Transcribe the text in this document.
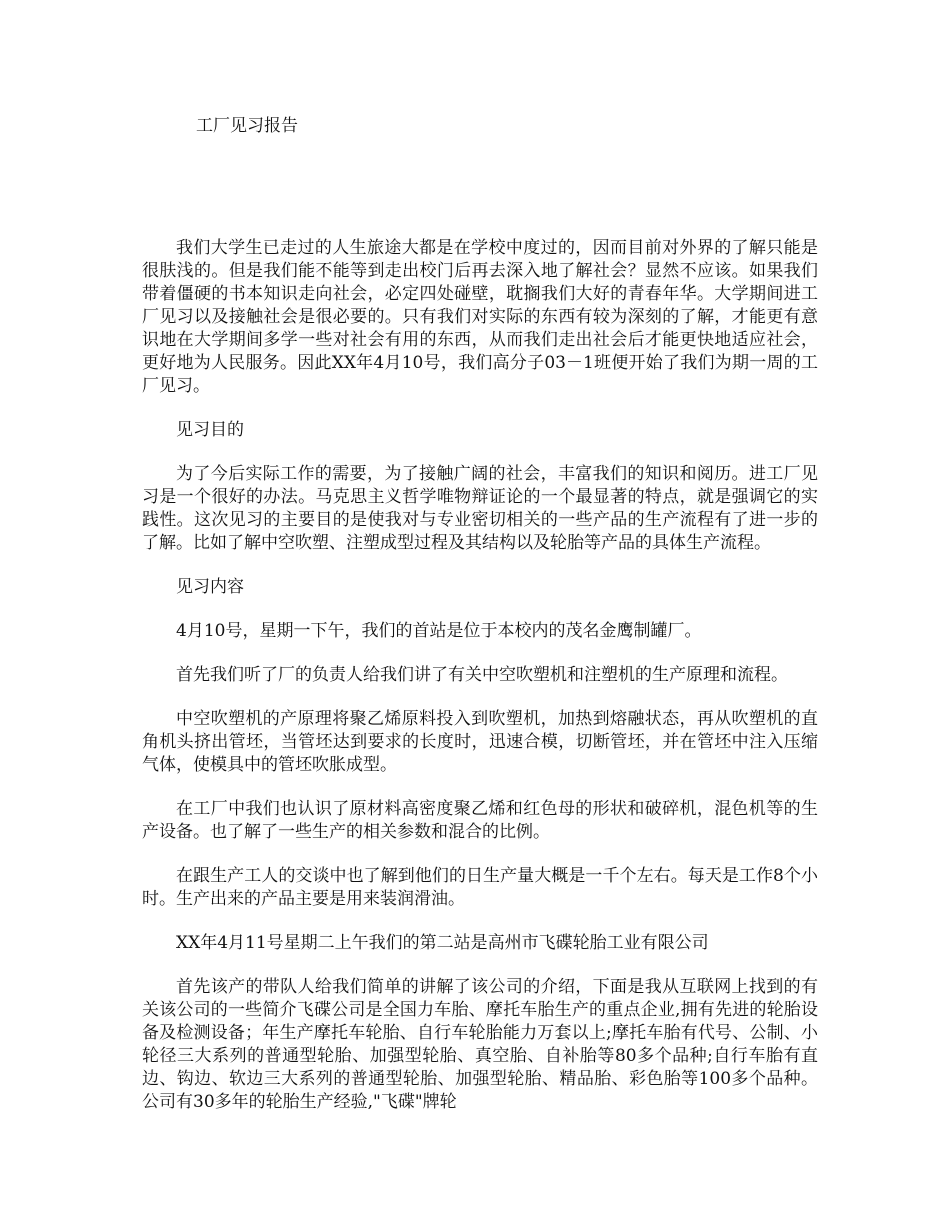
工厂见习报告

我们大学生已走过的人生旅途大都是在学校中度过的，因而目前对外界的了解只能是很肤浅的。但是我们能不能等到走出校门后再去深入地了解社会？显然不应该。如果我们带着僵硬的书本知识走向社会，必定四处碰壁，耽搁我们大好的青春年华。大学期间进工厂见习以及接触社会是很必要的。只有我们对实际的东西有较为深刻的了解，才能更有意识地在大学期间多学一些对社会有用的东西，从而我们走出社会后才能更快地适应社会，更好地为人民服务。因此XX年4月10号，我们高分子03－1班便开始了我们为期一周的工厂见习。

见习目的

为了今后实际工作的需要，为了接触广阔的社会，丰富我们的知识和阅历。进工厂见习是一个很好的办法。马克思主义哲学唯物辩证论的一个最显著的特点，就是强调它的实践性。这次见习的主要目的是使我对与专业密切相关的一些产品的生产流程有了进一步的了解。比如了解中空吹塑、注塑成型过程及其结构以及轮胎等产品的具体生产流程。

见习内容

4月10号，星期一下午，我们的首站是位于本校内的茂名金鹰制罐厂。

首先我们听了厂的负责人给我们讲了有关中空吹塑机和注塑机的生产原理和流程。

中空吹塑机的产原理将聚乙烯原料投入到吹塑机，加热到熔融状态，再从吹塑机的直角机头挤出管坯，当管坯达到要求的长度时，迅速合模，切断管坯，并在管坯中注入压缩气体，使模具中的管坯吹胀成型。

在工厂中我们也认识了原材料高密度聚乙烯和红色母的形状和破碎机，混色机等的生产设备。也了解了一些生产的相关参数和混合的比例。

在跟生产工人的交谈中也了解到他们的日生产量大概是一千个左右。每天是工作8个小时。生产出来的产品主要是用来装润滑油。

XX年4月11号星期二上午我们的第二站是高州市飞碟轮胎工业有限公司

首先该产的带队人给我们简单的讲解了该公司的介绍，下面是我从互联网上找到的有关该公司的一些简介飞碟公司是全国力车胎、摩托车胎生产的重点企业,拥有先进的轮胎设备及检测设备；年生产摩托车轮胎、自行车轮胎能力万套以上;摩托车胎有代号、公制、小轮径三大系列的普通型轮胎、加强型轮胎、真空胎、自补胎等80多个品种;自行车胎有直边、钩边、软边三大系列的普通型轮胎、加强型轮胎、精品胎、彩色胎等100多个品种。公司有30多年的轮胎生产经验,"飞碟"牌轮
